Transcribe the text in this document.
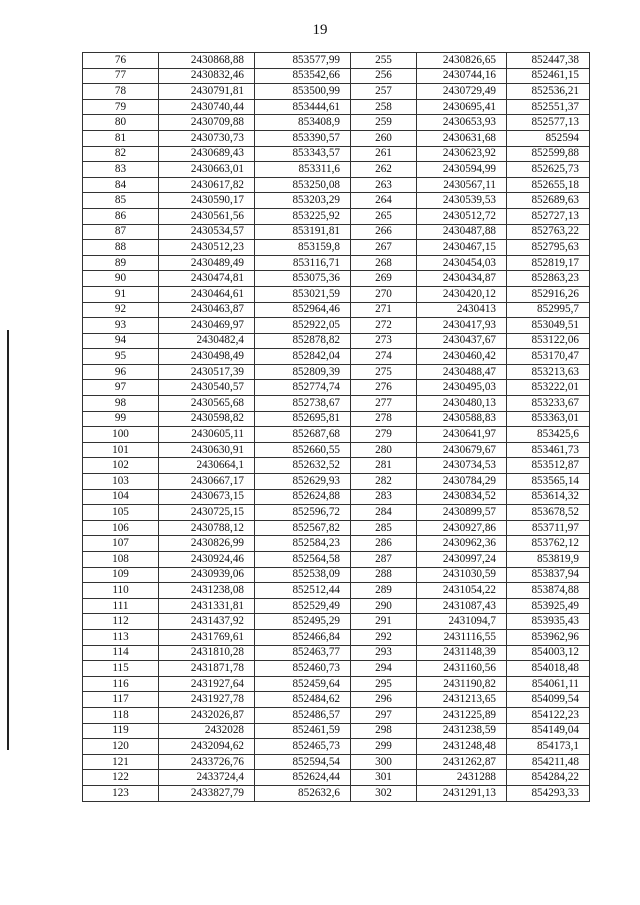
19
76	2430868,88	853577,99	255	2430826,65	852447,38
77	2430832,46	853542,66	256	2430744,16	852461,15
78	2430791,81	853500,99	257	2430729,49	852536,21
79	2430740,44	853444,61	258	2430695,41	852551,37
80	2430709,88	853408,9	259	2430653,93	852577,13
81	2430730,73	853390,57	260	2430631,68	852594
82	2430689,43	853343,57	261	2430623,92	852599,88
83	2430663,01	853311,6	262	2430594,99	852625,73
84	2430617,82	853250,08	263	2430567,11	852655,18
85	2430590,17	853203,29	264	2430539,53	852689,63
86	2430561,56	853225,92	265	2430512,72	852727,13
87	2430534,57	853191,81	266	2430487,88	852763,22
88	2430512,23	853159,8	267	2430467,15	852795,63
89	2430489,49	853116,71	268	2430454,03	852819,17
90	2430474,81	853075,36	269	2430434,87	852863,23
91	2430464,61	853021,59	270	2430420,12	852916,26
92	2430463,87	852964,46	271	2430413	852995,7
93	2430469,97	852922,05	272	2430417,93	853049,51
94	2430482,4	852878,82	273	2430437,67	853122,06
95	2430498,49	852842,04	274	2430460,42	853170,47
96	2430517,39	852809,39	275	2430488,47	853213,63
97	2430540,57	852774,74	276	2430495,03	853222,01
98	2430565,68	852738,67	277	2430480,13	853233,67
99	2430598,82	852695,81	278	2430588,83	853363,01
100	2430605,11	852687,68	279	2430641,97	853425,6
101	2430630,91	852660,55	280	2430679,67	853461,73
102	2430664,1	852632,52	281	2430734,53	853512,87
103	2430667,17	852629,93	282	2430784,29	853565,14
104	2430673,15	852624,88	283	2430834,52	853614,32
105	2430725,15	852596,72	284	2430899,57	853678,52
106	2430788,12	852567,82	285	2430927,86	853711,97
107	2430826,99	852584,23	286	2430962,36	853762,12
108	2430924,46	852564,58	287	2430997,24	853819,9
109	2430939,06	852538,09	288	2431030,59	853837,94
110	2431238,08	852512,44	289	2431054,22	853874,88
111	2431331,81	852529,49	290	2431087,43	853925,49
112	2431437,92	852495,29	291	2431094,7	853935,43
113	2431769,61	852466,84	292	2431116,55	853962,96
114	2431810,28	852463,77	293	2431148,39	854003,12
115	2431871,78	852460,73	294	2431160,56	854018,48
116	2431927,64	852459,64	295	2431190,82	854061,11
117	2431927,78	852484,62	296	2431213,65	854099,54
118	2432026,87	852486,57	297	2431225,89	854122,23
119	2432028	852461,59	298	2431238,59	854149,04
120	2432094,62	852465,73	299	2431248,48	854173,1
121	2433726,76	852594,54	300	2431262,87	854211,48
122	2433724,4	852624,44	301	2431288	854284,22
123	2433827,79	852632,6	302	2431291,13	854293,33
